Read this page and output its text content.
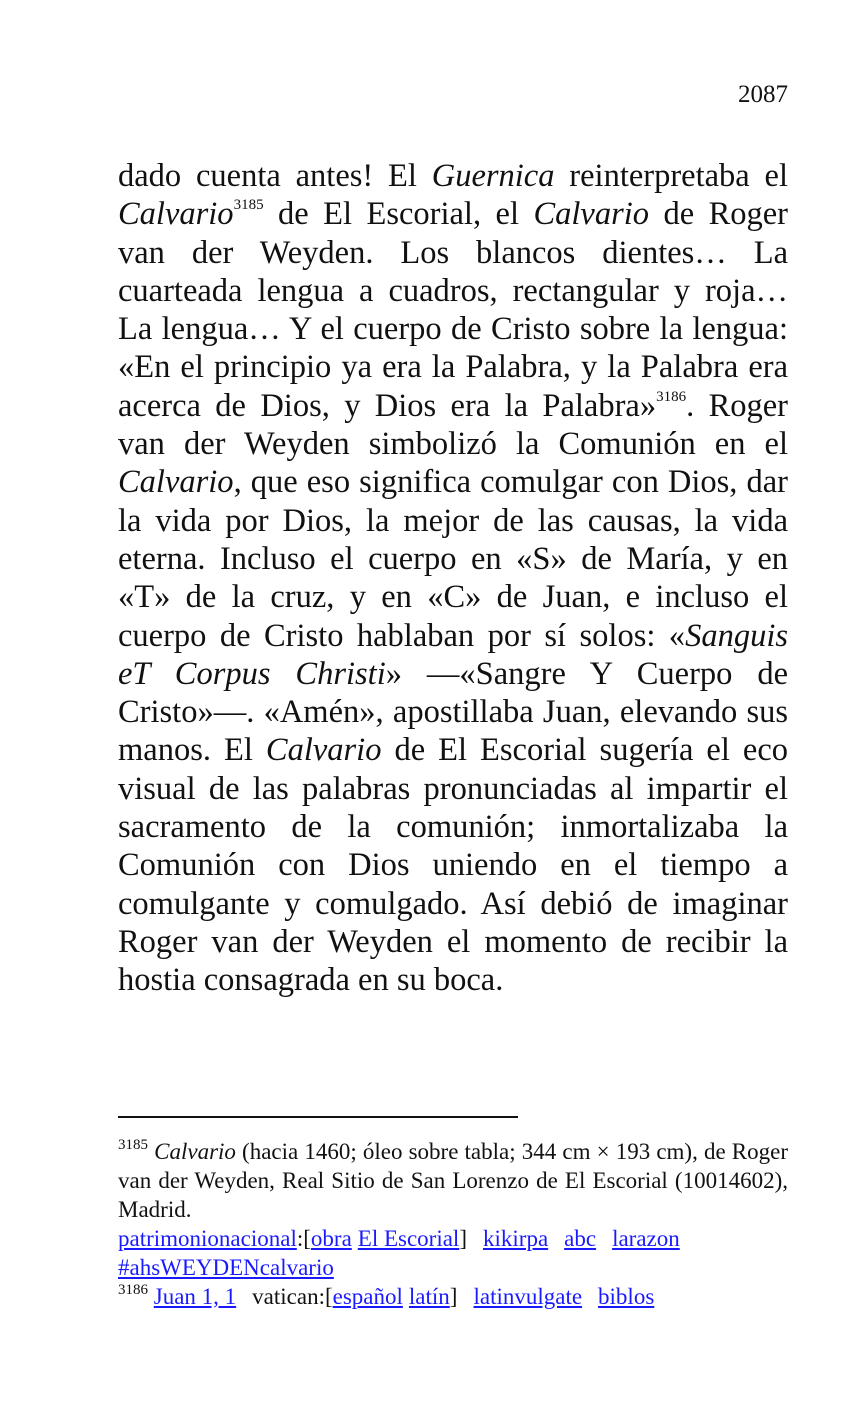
2087
dado cuenta antes! El Guernica reinterpretaba el Calvario$^{3185}$ de El Escorial, el Calvario de Roger van der Weyden. Los blancos dientes… La cuarteada lengua a cuadros, rectangular y roja… La lengua… Y el cuerpo de Cristo sobre la lengua: «En el principio ya era la Palabra, y la Palabra era acerca de Dios, y Dios era la Palabra»$^{3186}$. Roger van der Weyden simbolizó la Comunión en el Calvario, que eso significa comulgar con Dios, dar la vida por Dios, la mejor de las causas, la vida eterna. Incluso el cuerpo en «S» de María, y en «T» de la cruz, y en «C» de Juan, e incluso el cuerpo de Cristo hablaban por sí solos: «Sanguis eT Corpus Christi» —«Sangre Y Cuerpo de Cristo»—. «Amén», apostillaba Juan, elevando sus manos. El Calvario de El Escorial sugería el eco visual de las palabras pronunciadas al impartir el sacramento de la comunión; inmortalizaba la Comunión con Dios uniendo en el tiempo a comulgante y comulgado. Así debió de imaginar Roger van der Weyden el momento de recibir la hostia consagrada en su boca.

$^{3185}$ Calvario (hacia 1460; óleo sobre tabla; 344 cm × 193 cm), de Roger van der Weyden, Real Sitio de San Lorenzo de El Escorial (10014602), Madrid.

patrimonionacional:[obra El Escorial] kikirpa abc larazon

#ahsWEYDENcalvario

$^{3186}$ Juan 1, 1 vatican:[español latín] latinvulgate biblos
